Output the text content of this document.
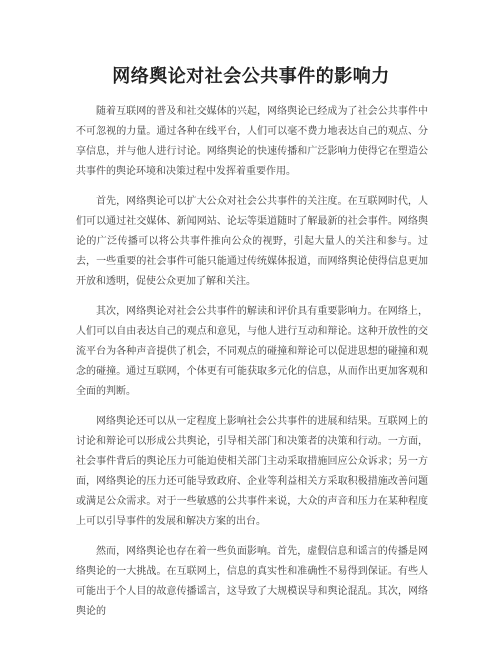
网络舆论对社会公共事件的影响力

随着互联网的普及和社交媒体的兴起，网络舆论已经成为了社会公共事件中不可忽视的力量。通过各种在线平台，人们可以毫不费力地表达自己的观点、分享信息，并与他人进行讨论。网络舆论的快速传播和广泛影响力使得它在塑造公共事件的舆论环境和决策过程中发挥着重要作用。

首先，网络舆论可以扩大公众对社会公共事件的关注度。在互联网时代，人们可以通过社交媒体、新闻网站、论坛等渠道随时了解最新的社会事件。网络舆论的广泛传播可以将公共事件推向公众的视野，引起大量人的关注和参与。过去，一些重要的社会事件可能只能通过传统媒体报道，而网络舆论使得信息更加开放和透明，促使公众更加了解和关注。

其次，网络舆论对社会公共事件的解读和评价具有重要影响力。在网络上，人们可以自由表达自己的观点和意见，与他人进行互动和辩论。这种开放性的交流平台为各种声音提供了机会，不同观点的碰撞和辩论可以促进思想的碰撞和观念的碰撞。通过互联网，个体更有可能获取多元化的信息，从而作出更加客观和全面的判断。

网络舆论还可以从一定程度上影响社会公共事件的进展和结果。互联网上的讨论和辩论可以形成公共舆论，引导相关部门和决策者的决策和行动。一方面，社会事件背后的舆论压力可能迫使相关部门主动采取措施回应公众诉求；另一方面，网络舆论的压力还可能导致政府、企业等利益相关方采取积极措施改善问题或满足公众需求。对于一些敏感的公共事件来说，大众的声音和压力在某种程度上可以引导事件的发展和解决方案的出台。

然而，网络舆论也存在着一些负面影响。首先，虚假信息和谣言的传播是网络舆论的一大挑战。在互联网上，信息的真实性和准确性不易得到保证。有些人可能出于个人目的故意传播谣言，这导致了大规模误导和舆论混乱。其次，网络舆论的
